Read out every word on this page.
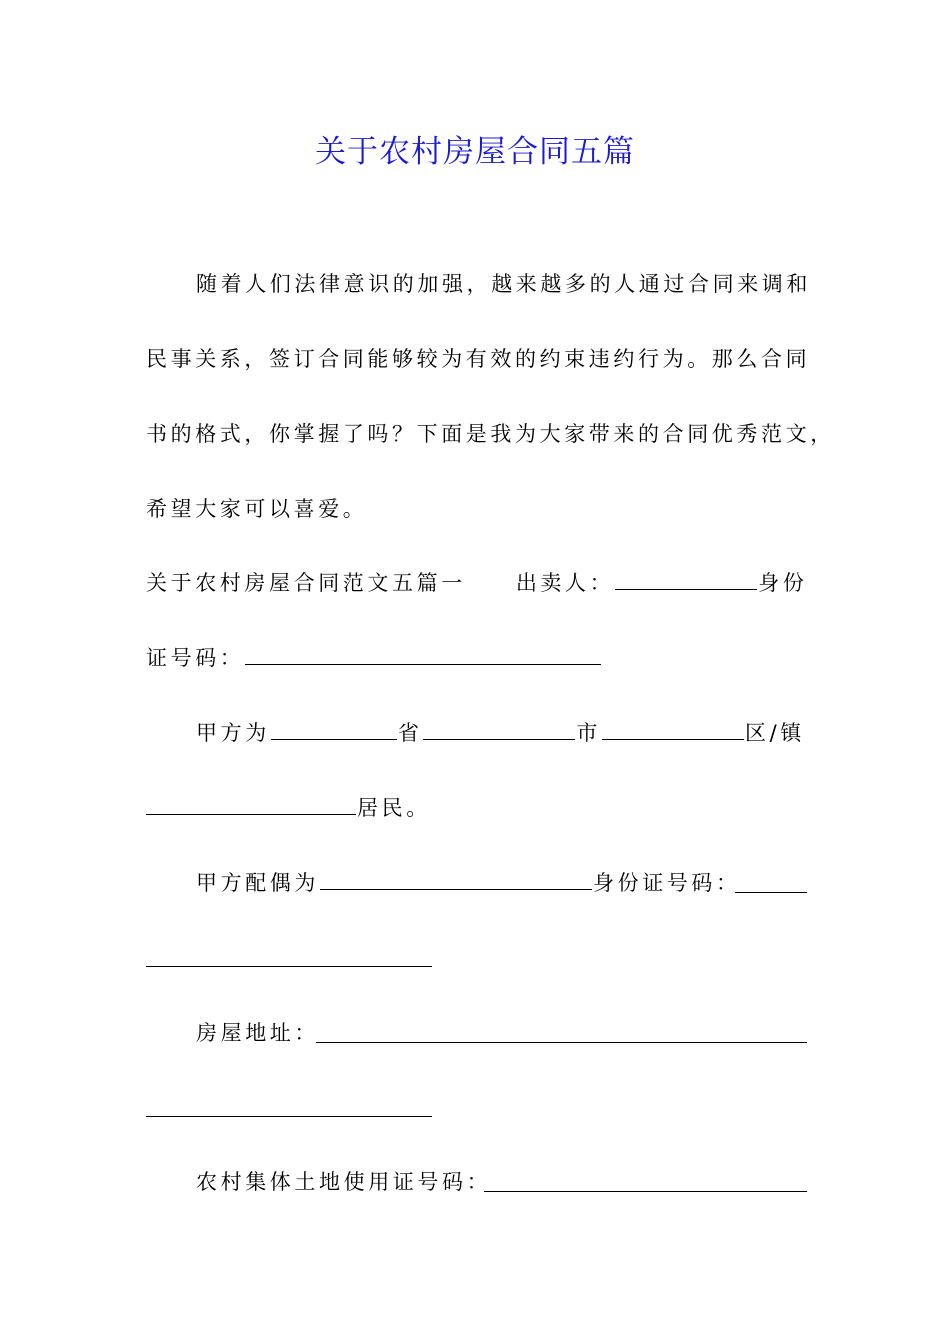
关于农村房屋合同五篇
随着人们法律意识的加强，越来越多的人通过合同来调和
民事关系，签订合同能够较为有效的约束违约行为。那么合同
书的格式，你掌握了吗？下面是我为大家带来的合同优秀范文，
希望大家可以喜爱。
关于农村房屋合同范文五篇一 出卖人：	身份
证号码：
甲方为	省	市	区/镇
居民。
甲方配偶为	身份证号码：
房屋地址：
农村集体土地使用证号码：
